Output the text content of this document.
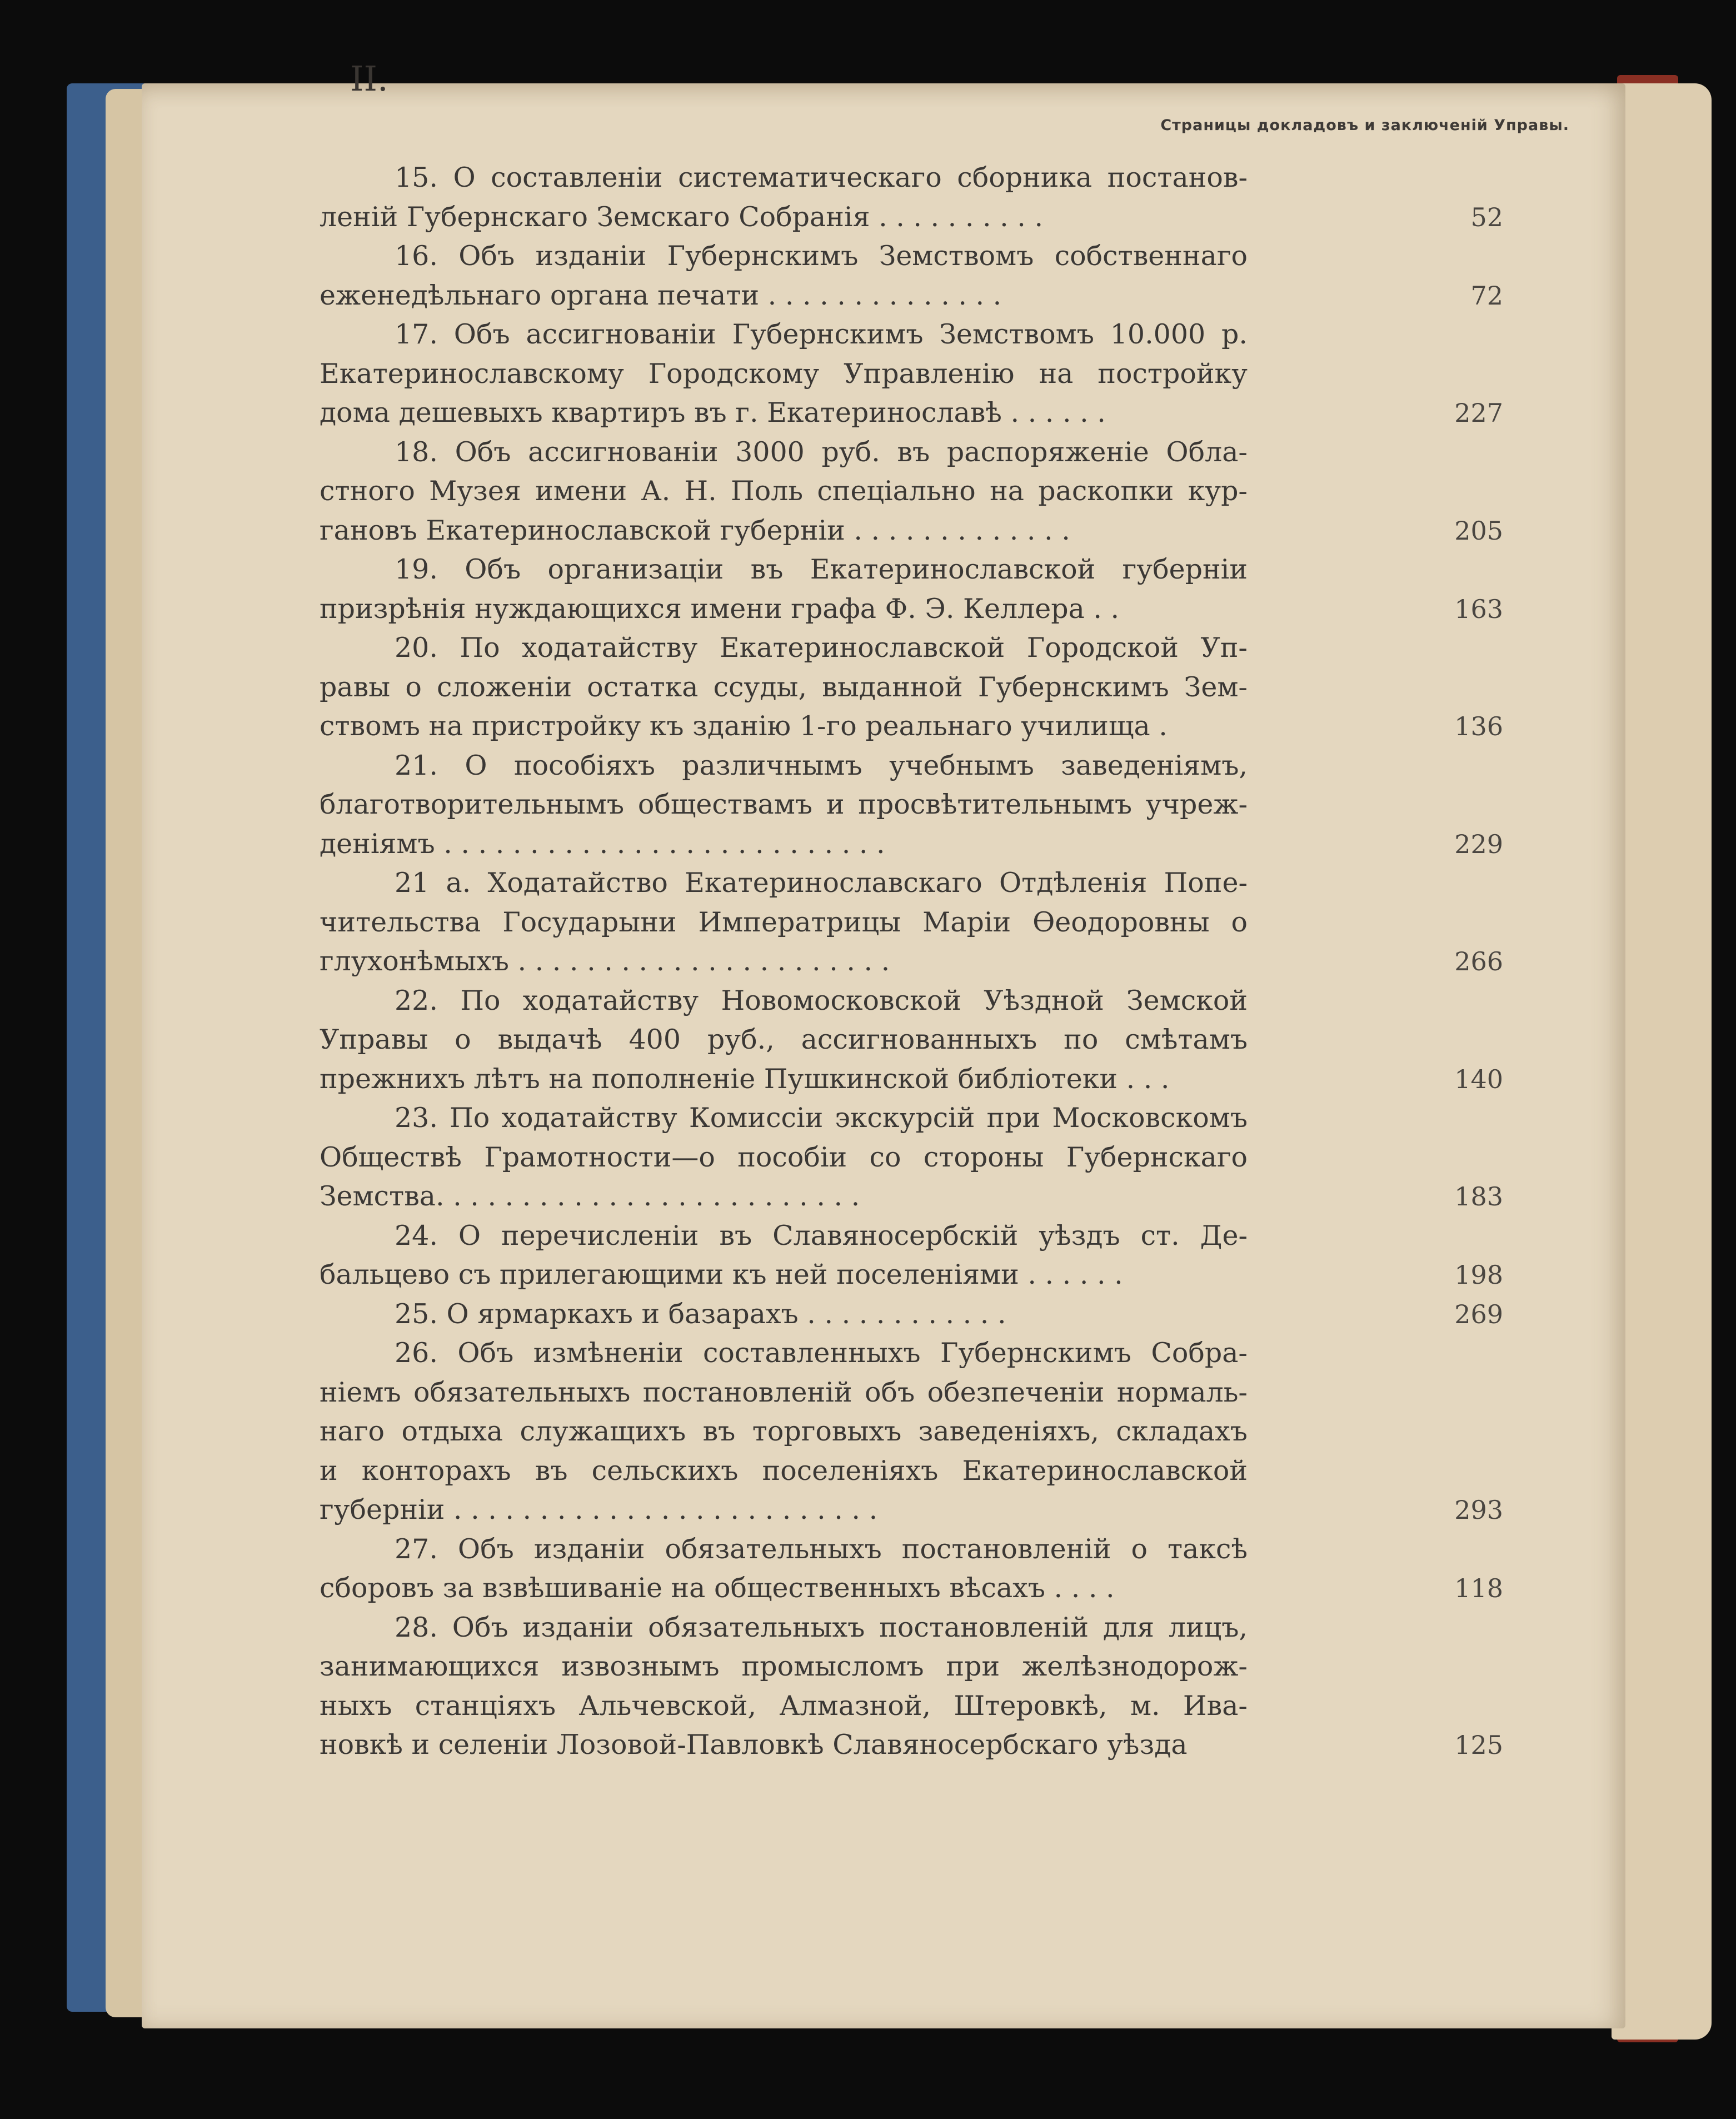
II.
Страницы докладовъ и заключеній Управы.
15. О составленіи систематическаго сборника постанов-
леній Губернскаго Земскаго Собранія . . . . . . . . . .	52
16. Объ изданіи Губернскимъ Земствомъ собственнаго
еженедѣльнаго органа печати . . . . . . . . . . . . . .	72
17. Объ ассигнованіи Губернскимъ Земствомъ 10.000 р.
Екатеринославскому Городскому Управленію на постройку
дома дешевыхъ квартиръ въ г. Екатеринославѣ . . . . . .	227
18. Объ ассигнованіи 3000 руб. въ распоряженіе Обла-
стного Музея имени А. Н. Поль спеціально на раскопки кур-
гановъ Екатеринославской губерніи . . . . . . . . . . . . .	205
19. Объ организаціи въ Екатеринославской губерніи
призрѣнія нуждающихся имени графа Ф. Э. Келлера . .	163
20. По ходатайству Екатеринославской Городской Уп-
равы о сложеніи остатка ссуды, выданной Губернскимъ Зем-
ствомъ на пристройку къ зданію 1-го реальнаго училища .	136
21. О пособіяхъ различнымъ учебнымъ заведеніямъ,
благотворительнымъ обществамъ и просвѣтительнымъ учреж-
деніямъ . . . . . . . . . . . . . . . . . . . . . . . . . .	229
21 а. Ходатайство Екатеринославскаго Отдѣленія Попе-
чительства Государыни Императрицы Маріи Ѳеодоровны о
глухонѣмыхъ . . . . . . . . . . . . . . . . . . . . . .	266
22. По ходатайству Новомосковской Уѣздной Земской
Управы о выдачѣ 400 руб., ассигнованныхъ по смѣтамъ
прежнихъ лѣтъ на пополненіе Пушкинской библіотеки . . .	140
23. По ходатайству Комиссіи экскурсій при Московскомъ
Обществѣ Грамотности—о пособіи со стороны Губернскаго
Земства. . . . . . . . . . . . . . . . . . . . . . . . .	183
24. О перечисленіи въ Славяносербскій уѣздъ ст. Де-
бальцево съ прилегающими къ ней поселеніями . . . . . .	198
25. О ярмаркахъ и базарахъ . . . . . . . . . . . .	269
26. Объ измѣненіи составленныхъ Губернскимъ Собра-
ніемъ обязательныхъ постановленій объ обезпеченіи нормаль-
наго отдыха служащихъ въ торговыхъ заведеніяхъ, складахъ
и конторахъ въ сельскихъ поселеніяхъ Екатеринославской
губерніи . . . . . . . . . . . . . . . . . . . . . . . . .	293
27. Объ изданіи обязательныхъ постановленій о таксѣ
сборовъ за взвѣшиваніе на общественныхъ вѣсахъ . . . .	118
28. Объ изданіи обязательныхъ постановленій для лицъ,
занимающихся извознымъ промысломъ при желѣзнодорож-
ныхъ станціяхъ Альчевской, Алмазной, Штеровкѣ, м. Ива-
новкѣ и селеніи Лозовой-Павловкѣ Славяносербскаго уѣзда	125
